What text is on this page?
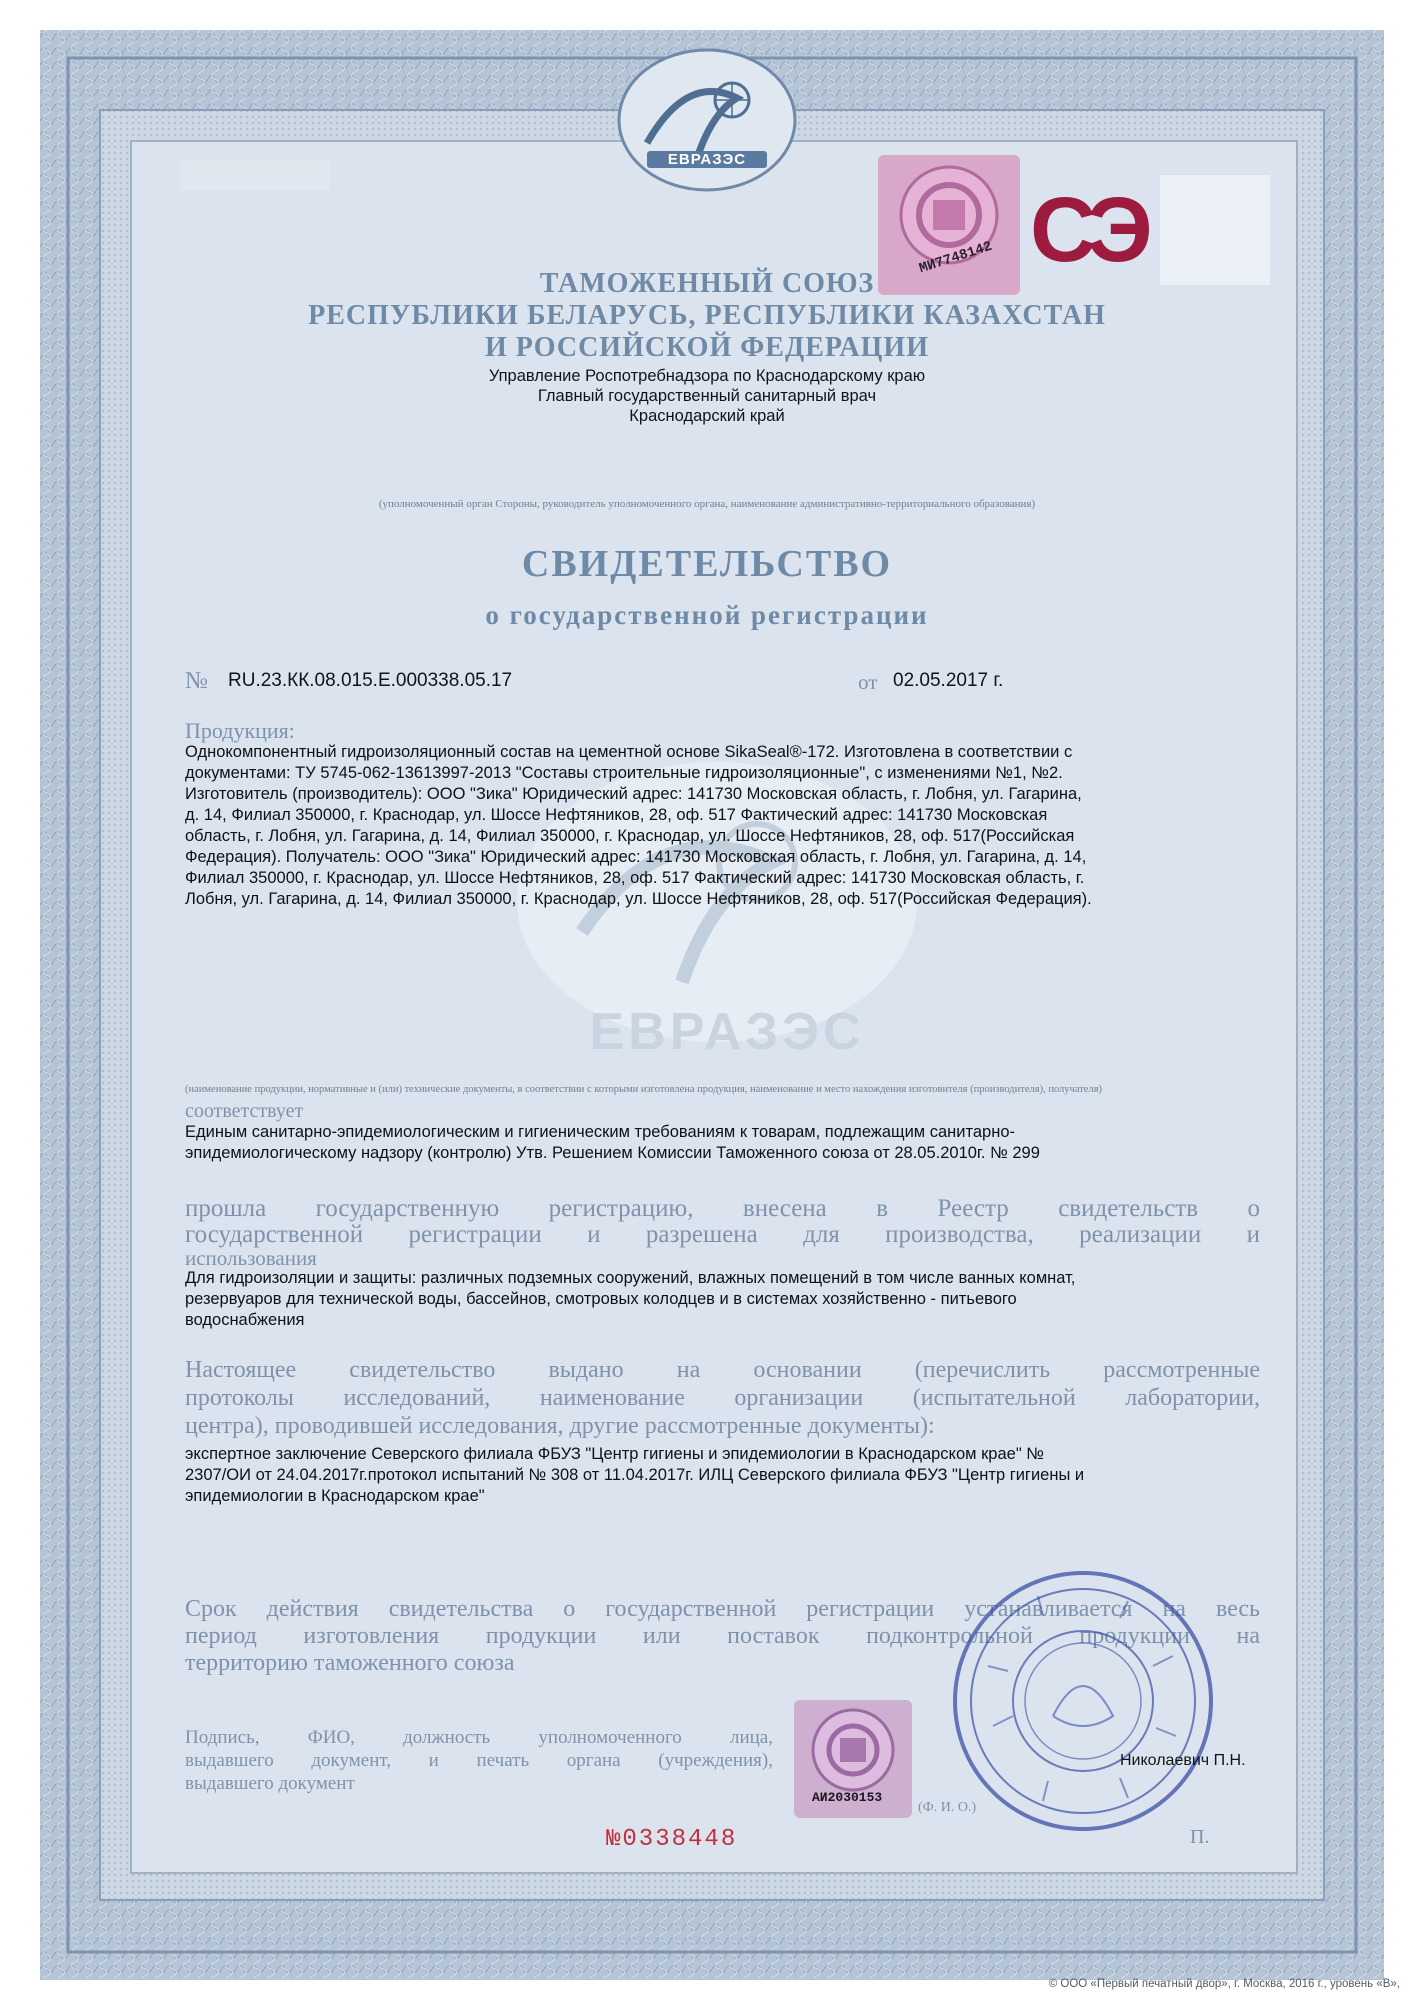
ЕВРАЗЭС
ЕВРАЗЭС
МИ7748142 СЭ
ТАМОЖЕННЫЙ СОЮЗ
РЕСПУБЛИКИ БЕЛАРУСЬ, РЕСПУБЛИКИ КАЗАХСТАН
И РОССИЙСКОЙ ФЕДЕРАЦИИ
Управление Роспотребнадзора по Краснодарскому краю
Главный государственный санитарный врач
Краснодарский край
(уполномоченный орган Стороны, руководитель уполномоченного органа, наименование административно-территориального образования)
СВИДЕТЕЛЬСТВО
о государственной регистрации
№ RU.23.КК.08.015.Е.000338.05.17	от 02.05.2017 г.
Продукция:
Однокомпонентный гидроизоляционный состав на цементной основе SikaSeal®-172. Изготовлена в соответствии с
документами: ТУ 5745-062-13613997-2013 "Составы строительные гидроизоляционные", с изменениями №1, №2.
Изготовитель (производитель): ООО "Зика" Юридический адрес: 141730 Московская область, г. Лобня, ул. Гагарина,
д. 14, Филиал 350000, г. Краснодар, ул. Шоссе Нефтяников, 28, оф. 517 Фактический адрес: 141730 Московская
область, г. Лобня, ул. Гагарина, д. 14, Филиал 350000, г. Краснодар, ул. Шоссе Нефтяников, 28, оф. 517(Российская
Федерация). Получатель: ООО "Зика" Юридический адрес: 141730 Московская область, г. Лобня, ул. Гагарина, д. 14,
Филиал 350000, г. Краснодар, ул. Шоссе Нефтяников, 28, оф. 517 Фактический адрес: 141730 Московская область, г.
Лобня, ул. Гагарина, д. 14, Филиал 350000, г. Краснодар, ул. Шоссе Нефтяников, 28, оф. 517(Российская Федерация).
(наименование продукции, нормативные и (или) технические документы, в соответствии с которыми изготовлена продукция, наименование и место нахождения изготовителя (производителя), получателя)
соответствует
Единым санитарно-эпидемиологическим и гигиеническим требованиям к товарам, подлежащим санитарно-
эпидемиологическому надзору (контролю) Утв. Решением Комиссии Таможенного союза от 28.05.2010г. № 299
прошла государственную регистрацию, внесена в Реестр свидетельств о
государственной регистрации и разрешена для производства, реализации и
использования
Для гидроизоляции и защиты: различных подземных сооружений, влажных помещений в том числе ванных комнат,
резервуаров для технической воды, бассейнов, смотровых колодцев и в системах хозяйственно - питьевого
водоснабжения
Настоящее свидетельство выдано на основании (перечислить рассмотренные
протоколы исследований, наименование организации (испытательной лаборатории,
центра), проводившей исследования, другие рассмотренные документы):
экспертное заключение Северского филиала ФБУЗ "Центр гигиены и эпидемиологии в Краснодарском крае" №
2307/ОИ от 24.04.2017г.протокол испытаний № 308 от 11.04.2017г. ИЛЦ Северского филиала ФБУЗ "Центр гигиены и
эпидемиологии в Краснодарском крае"
Срок действия свидетельства о государственной регистрации устанавливается на весь
период изготовления продукции или поставок подконтрольной продукции на
территорию таможенного союза
Подпись, ФИО, должность уполномоченного лица,
выдавшего документ, и печать органа (учреждения),
выдавшего документ
АИ2030153
Николаевич П.Н.
(Ф. И. О.)
П.
№0338448
© ООО «Первый печатный двор», г. Москва, 2016 г., уровень «В»,
